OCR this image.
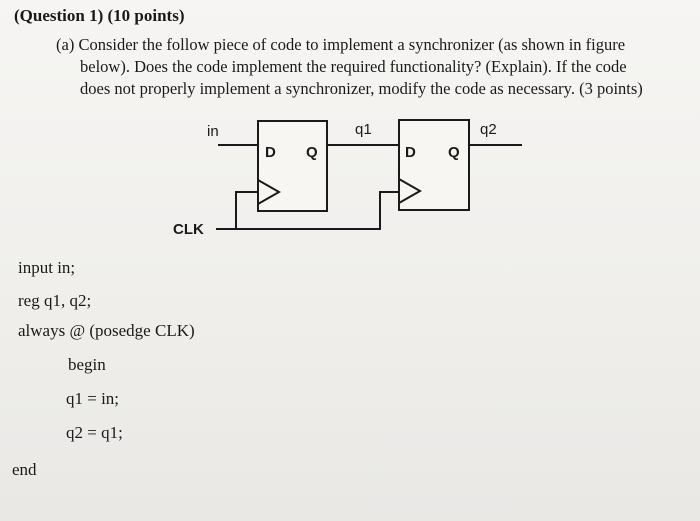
(Question 1) (10 points)
(a) Consider the follow piece of code to implement a synchronizer (as shown in figure
below). Does the code implement the required functionality? (Explain). If the code
does not properly implement a synchronizer, modify the code as necessary. (3 points)
in
D Q
q1
D Q
q2
CLK
input in;
reg q1, q2;
always @ (posedge CLK)
begin
q1 = in;
q2 = q1;
end
